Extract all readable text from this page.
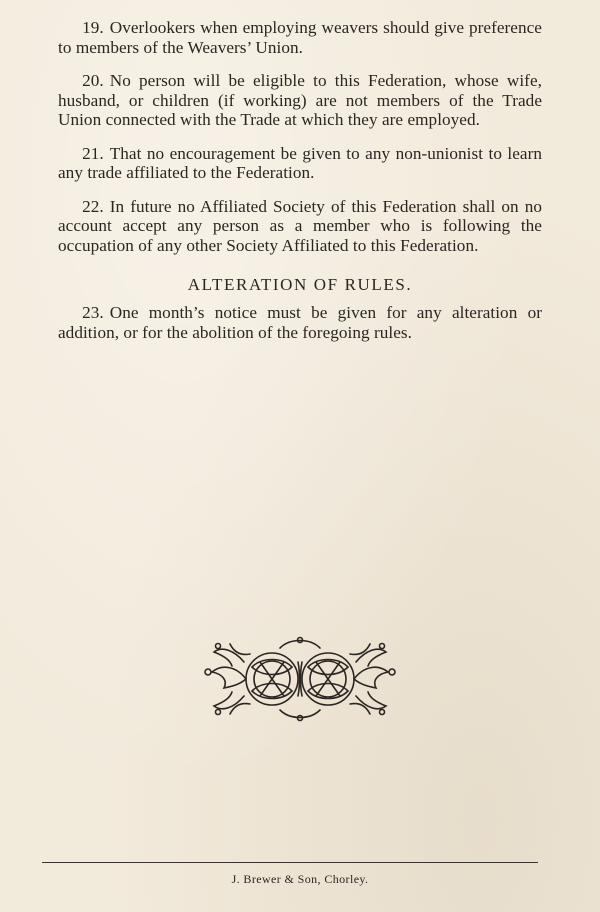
19. Overlookers when employing weavers should give preference to members of the Weavers’ Union.

20. No person will be eligible to this Federation, whose wife, husband, or children (if working) are not members of the Trade Union connected with the Trade at which they are employed.

21. That no encouragement be given to any non-unionist to learn any trade affiliated to the Federation.

22. In future no Affiliated Society of this Federation shall on no account accept any person as a member who is following the occupation of any other Society Affiliated to this Federation.

ALTERATION OF RULES.

23. One month’s notice must be given for any alteration or addition, or for the abolition of the foregoing rules.

J. Brewer & Son, Chorley.
